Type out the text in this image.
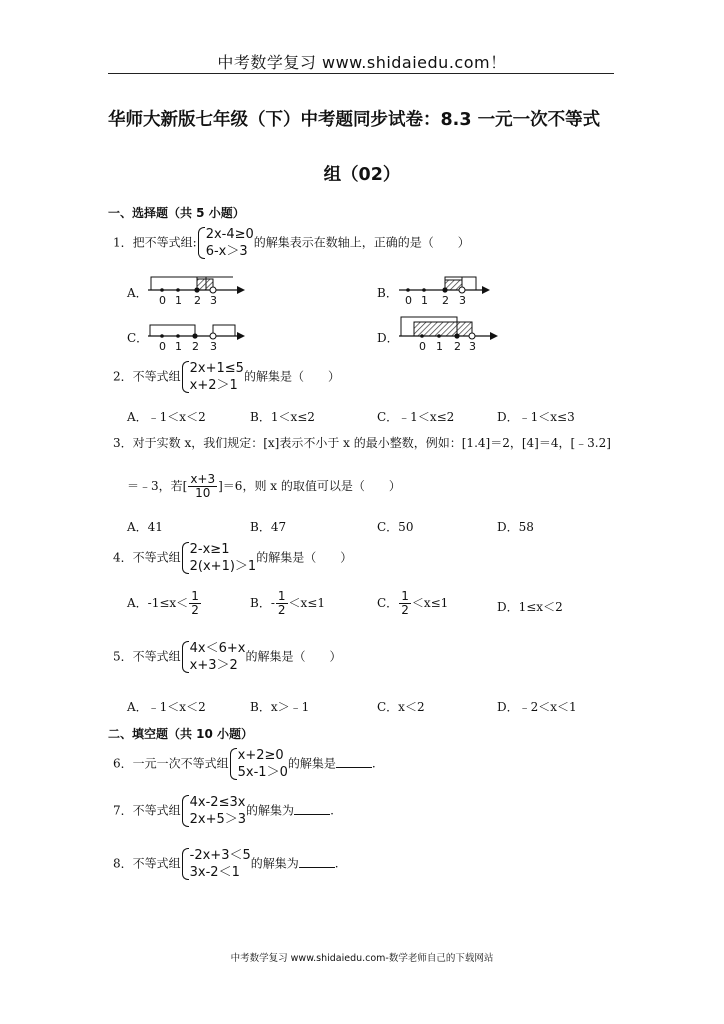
中考数学复习 www.shidaiedu.com！
华师大新版七年级（下）中考题同步试卷：8.3 一元一次不等式
组（02）
一、选择题（共 5 小题）
1．把不等式组:
2x-4≥0
6-x＞3
的解集表示在数轴上，正确的是（　　）
A．
0 1 2 3
B．
0 1 2 3
C．
0 1 2 3
D．
0 1 2 3
2．不等式组
2x+1≤5
x+2＞1
的解集是（　　）
A．﹣1＜x＜2	B．1＜x≤2	C．﹣1＜x≤2	D．﹣1＜x≤3
3．对于实数 x，我们规定：[x]表示不小于 x 的最小整数，例如：[1.4]＝2，[4]＝4，[﹣3.2]
＝﹣3，若[ $\frac{x+3}{10} ]=6$，则 x 的取值可以是（　　）
A．41	B．47	C．50	D．58
4．不等式组
2-x≥1
2(x+1)＞1
的解集是（　　）
A．$-1\le x< \frac{1}{2}$	B．- $\frac{1}{2} <x\le 1$	C． $\frac{1}{2} <x\le 1$	D．1≤x＜2
5．不等式组
4x＜6+x
x+3＞2
的解集是（　　）
A．﹣1＜x＜2	B．x＞﹣1	C．x＜2	D．﹣2＜x＜1
二、填空题（共 10 小题）
6．一元一次不等式组
x+2≥0
5x-1＞0
的解集是	.
7．不等式组
4x-2≤3x
2x+5＞3
的解集为	.
8．不等式组
-2x+3＜5
3x-2＜1
的解集为	.
中考数学复习 www.shidaiedu.com-数学老师自己的下载网站
